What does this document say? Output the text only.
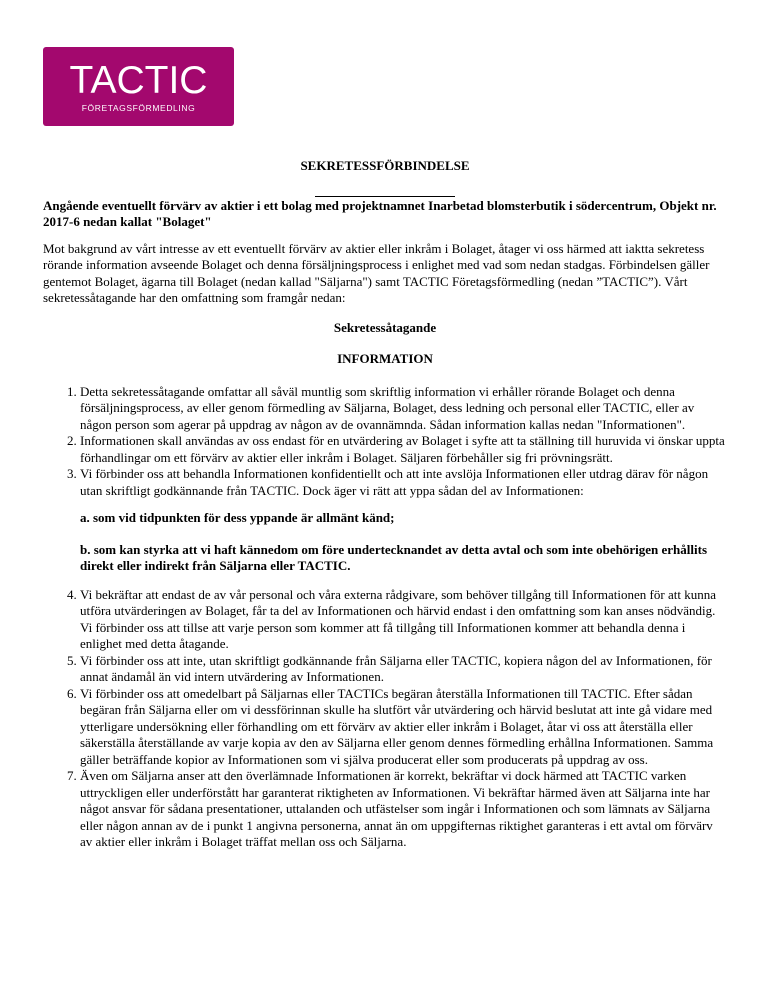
TACTIC
FÖRETAGSFÖRMEDLING

SEKRETESSFÖRBINDELSE

Angående eventuellt förvärv av aktier i ett bolag med projektnamnet Inarbetad blomsterbutik i södercentrum, Objekt nr. 2017-6 nedan kallat "Bolaget"

Mot bakgrund av vårt intresse av ett eventuellt förvärv av aktier eller inkråm i Bolaget, åtager vi oss härmed att iaktta sekretess rörande information avseende Bolaget och denna försäljningsprocess i enlighet med vad som nedan stadgas. Förbindelsen gäller gentemot Bolaget, ägarna till Bolaget (nedan kallad "Säljarna") samt TACTIC Företagsförmedling (nedan ”TACTIC”). Vårt sekretessåtagande har den omfattning som framgår nedan:

Sekretessåtagande

INFORMATION

1. Detta sekretessåtagande omfattar all såväl muntlig som skriftlig information vi erhåller rörande Bolaget och denna försäljningsprocess, av eller genom förmedling av Säljarna, Bolaget, dess ledning och personal eller TACTIC, eller av någon person som agerar på uppdrag av någon av de ovannämnda. Sådan information kallas nedan "Informationen".
2. Informationen skall användas av oss endast för en utvärdering av Bolaget i syfte att ta ställning till huruvida vi önskar uppta förhandlingar om ett förvärv av aktier eller inkråm i Bolaget. Säljaren förbehåller sig fri prövningsrätt.
3. Vi förbinder oss att behandla Informationen konfidentiellt och att inte avslöja Informationen eller utdrag därav för någon utan skriftligt godkännande från TACTIC. Dock äger vi rätt att yppa sådan del av Informationen:

a. som vid tidpunkten för dess yppande är allmänt känd;

b. som kan styrka att vi haft kännedom om före undertecknandet av detta avtal och som inte obehörigen erhållits direkt eller indirekt från Säljarna eller TACTIC.

4. Vi bekräftar att endast de av vår personal och våra externa rådgivare, som behöver tillgång till Informationen för att kunna utföra utvärderingen av Bolaget, får ta del av Informationen och härvid endast i den omfattning som kan anses nödvändig. Vi förbinder oss att tillse att varje person som kommer att få tillgång till Informationen kommer att behandla denna i enlighet med detta åtagande.
5. Vi förbinder oss att inte, utan skriftligt godkännande från Säljarna eller TACTIC, kopiera någon del av Informationen, för annat ändamål än vid intern utvärdering av Informationen.
6. Vi förbinder oss att omedelbart på Säljarnas eller TACTICs begäran återställa Informationen till TACTIC. Efter sådan begäran från Säljarna eller om vi dessförinnan skulle ha slutfört vår utvärdering och härvid beslutat att inte gå vidare med ytterligare undersökning eller förhandling om ett förvärv av aktier eller inkråm i Bolaget, åtar vi oss att återställa eller säkerställa återställande av varje kopia av den av Säljarna eller genom dennes förmedling erhållna Informationen. Samma gäller beträffande kopior av Informationen som vi själva producerat eller som producerats på uppdrag av oss.
7. Även om Säljarna anser att den överlämnade Informationen är korrekt, bekräftar vi dock härmed att TACTIC varken uttryckligen eller underförstått har garanterat riktigheten av Informationen. Vi bekräftar härmed även att Säljarna inte har något ansvar för sådana presentationer, uttalanden och utfästelser som ingår i Informationen och som lämnats av Säljarna eller någon annan av de i punkt 1 angivna personerna, annat än om uppgifternas riktighet garanteras i ett avtal om förvärv av aktier eller inkråm i Bolaget träffat mellan oss och Säljarna.
